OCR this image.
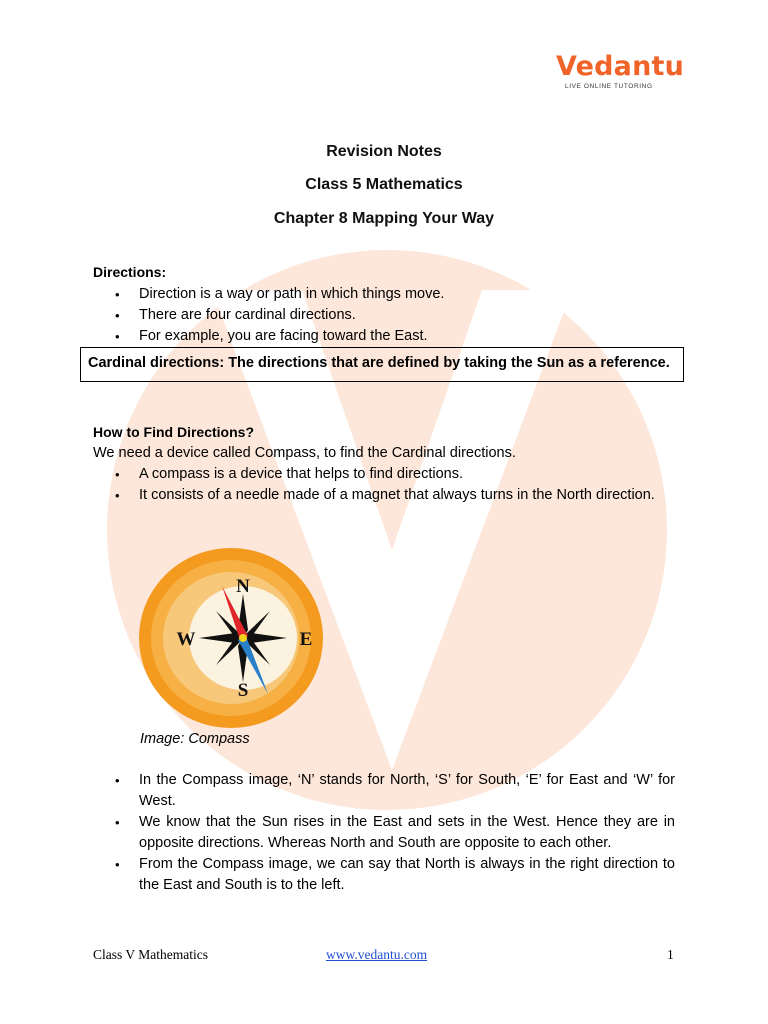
Vedantu
LIVE ONLINE TUTORING
Revision Notes
Class 5 Mathematics
Chapter 8 Mapping Your Way
Directions:
• Direction is a way or path in which things move.
• There are four cardinal directions.
• For example, you are facing toward the East.
Cardinal directions: The directions that are defined by taking the Sun as a reference.
How to Find Directions?
We need a device called Compass, to find the Cardinal directions.
• A compass is a device that helps to find directions.
• It consists of a needle made of a magnet that always turns in the North direction.
N
S
W	E
Image: Compass
• In the Compass image, ‘N’ stands for North, ‘S’ for South, ‘E’ for East and ‘W’ for West.
• We know that the Sun rises in the East and sets in the West. Hence they are in opposite directions. Whereas North and South are opposite to each other.
• From the Compass image, we can say that North is always in the right direction to the East and South is to the left.
Class V Mathematics	www.vedantu.com	1
